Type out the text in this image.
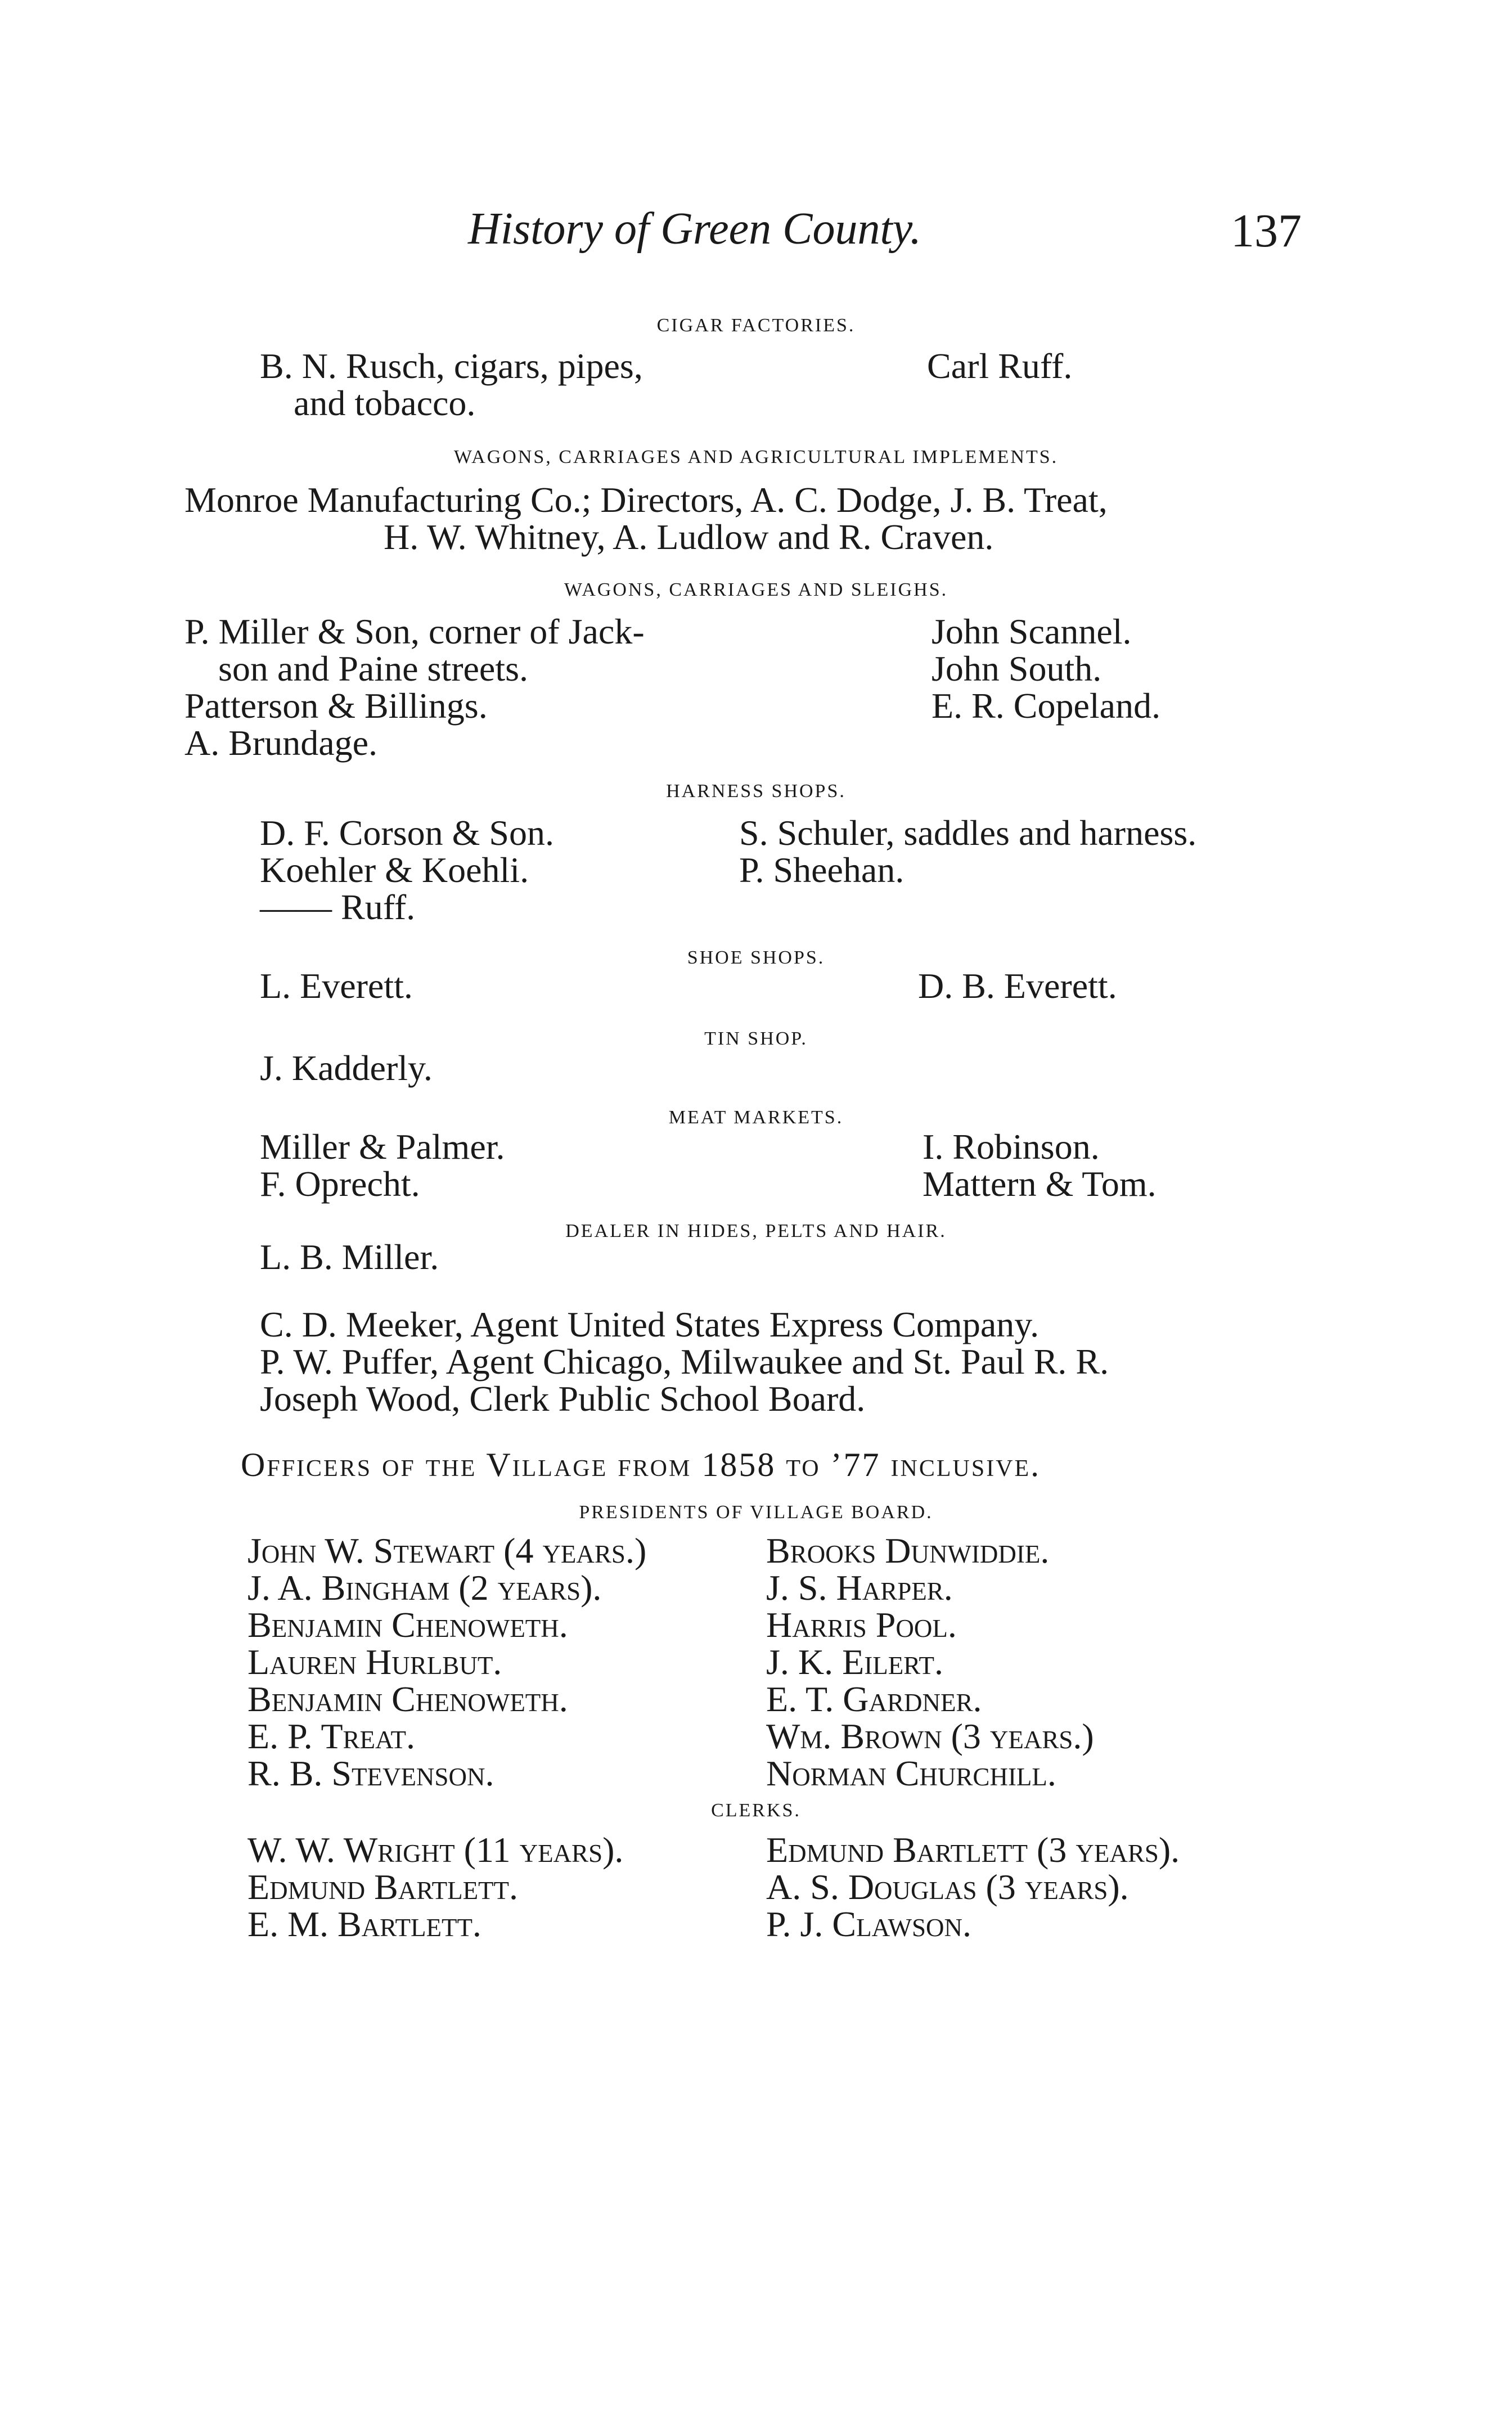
History of Green County.	137
CIGAR FACTORIES.
B. N. Rusch, cigars, pipes,
and tobacco.
Carl Ruff.
WAGONS, CARRIAGES AND AGRICULTURAL IMPLEMENTS.
Monroe Manufacturing Co.; Directors, A. C. Dodge, J. B. Treat,
H. W. Whitney, A. Ludlow and R. Craven.
WAGONS, CARRIAGES AND SLEIGHS.
P. Miller & Son, corner of Jack-
son and Paine streets.
Patterson & Billings.
A. Brundage.
John Scannel.
John South.
E. R. Copeland.
HARNESS SHOPS.
D. F. Corson & Son.
Koehler & Koehli.
—— Ruff.
S. Schuler, saddles and harness.
P. Sheehan.
SHOE SHOPS.
L. Everett.	D. B. Everett.
TIN SHOP.
J. Kadderly.
MEAT MARKETS.
Miller & Palmer.
F. Oprecht.
I. Robinson.
Mattern & Tom.
DEALER IN HIDES, PELTS AND HAIR.
L. B. Miller.
C. D. Meeker, Agent United States Express Company.
P. W. Puffer, Agent Chicago, Milwaukee and St. Paul R. R.
Joseph Wood, Clerk Public School Board.
Officers of the Village from 1858 to ’77 inclusive.
PRESIDENTS OF VILLAGE BOARD.
John W. Stewart (4 years.)
J. A. Bingham (2 years).
Benjamin Chenoweth.
Lauren Hurlbut.
Benjamin Chenoweth.
E. P. Treat.
R. B. Stevenson.
Brooks Dunwiddie.
J. S. Harper.
Harris Pool.
J. K. Eilert.
E. T. Gardner.
Wm. Brown (3 years.)
Norman Churchill.
CLERKS.
W. W. Wright (11 years).
Edmund Bartlett.
E. M. Bartlett.
Edmund Bartlett (3 years).
A. S. Douglas (3 years).
P. J. Clawson.
